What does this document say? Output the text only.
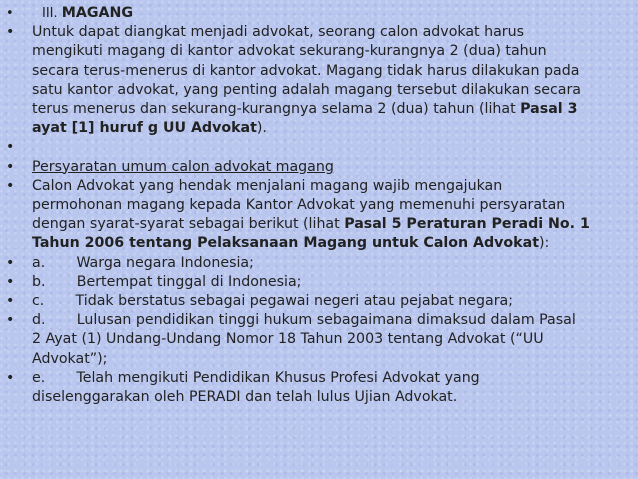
• III. MAGANG
• Untuk dapat diangkat menjadi advokat, seorang calon advokat harus
mengikuti magang di kantor advokat sekurang-kurangnya 2 (dua) tahun
secara terus-menerus di kantor advokat. Magang tidak harus dilakukan pada
satu kantor advokat, yang penting adalah magang tersebut dilakukan secara
terus menerus dan sekurang-kurangnya selama 2 (dua) tahun (lihat Pasal 3
ayat [1] huruf g UU Advokat).
•
• Persyaratan umum calon advokat magang
• Calon Advokat yang hendak menjalani magang wajib mengajukan
permohonan magang kepada Kantor Advokat yang memenuhi persyaratan
dengan syarat-syarat sebagai berikut (lihat Pasal 5 Peraturan Peradi No. 1
Tahun 2006 tentang Pelaksanaan Magang untuk Calon Advokat):
• a. Warga negara Indonesia;
• b. Bertempat tinggal di Indonesia;
• c. Tidak berstatus sebagai pegawai negeri atau pejabat negara;
• d. Lulusan pendidikan tinggi hukum sebagaimana dimaksud dalam Pasal
2 Ayat (1) Undang-Undang Nomor 18 Tahun 2003 tentang Advokat (“UU
Advokat”);
• e. Telah mengikuti Pendidikan Khusus Profesi Advokat yang
diselenggarakan oleh PERADI dan telah lulus Ujian Advokat.
